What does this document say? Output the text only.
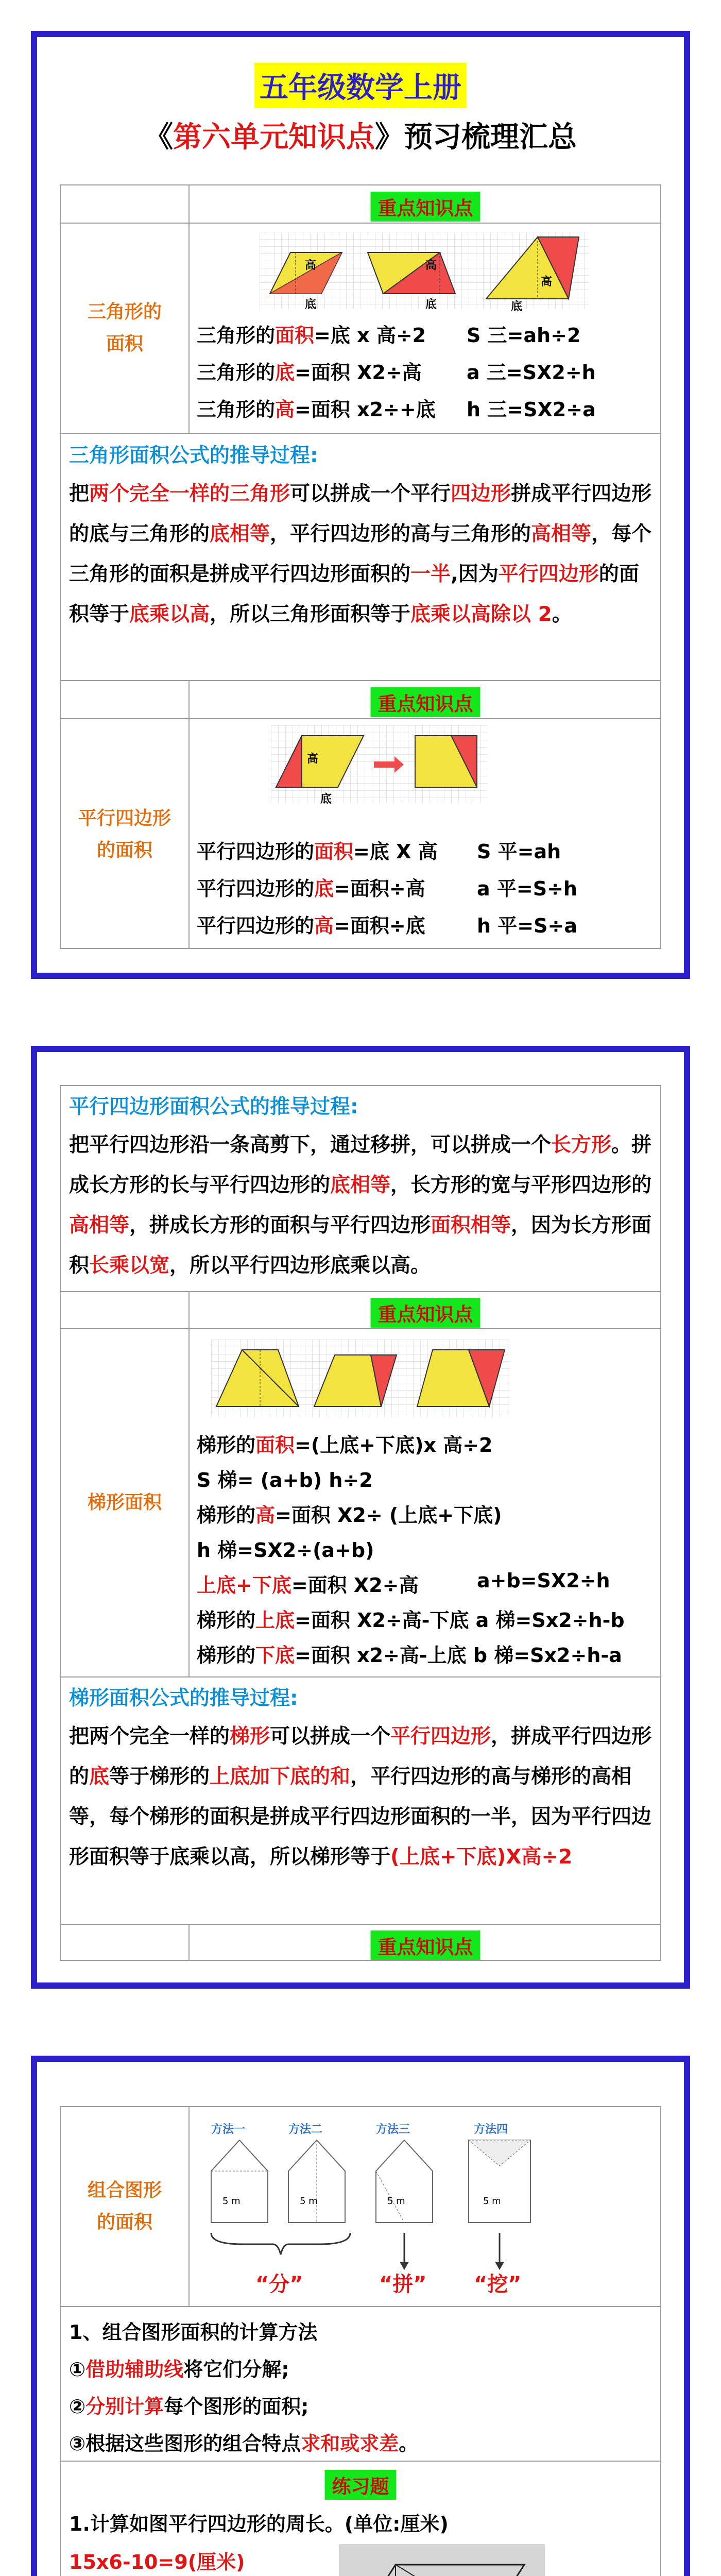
五年级数学上册
《第六单元知识点》预习梳理汇总
重点知识点
三角形的
面积
高
底
高
底
高
底
三角形的面积=底 x 高÷2 S 三=ah÷2
三角形的底=面积 X2÷高 a 三=SX2÷h
三角形的高=面积 x2÷+底 h 三=SX2÷a
三角形面积公式的推导过程:
把两个完全一样的三角形可以拼成一个平行四边形拼成平行四边形的底与三角形的底相等，平行四边形的高与三角形的高相等，每个三角形的面积是拼成平行四边形面积的一半,因为平行四边形的面积等于底乘以高，所以三角形面积等于底乘以高除以 2。
重点知识点
平行四边形
的面积
高
底
平行四边形的面积=底 X 高 S 平=ah
平行四边形的底=面积÷高	a 平=S÷h
平行四边形的高=面积÷底	h 平=S÷a
平行四边形面积公式的推导过程:
把平行四边形沿一条高剪下，通过移拼，可以拼成一个长方形。拼成长方形的长与平行四边形的底相等，长方形的宽与平形四边形的高相等，拼成长方形的面积与平行四边形面积相等，因为长方形面积长乘以宽，所以平行四边形底乘以高。
重点知识点
梯形面积
梯形的面积=(上底+下底)x 高÷2
S 梯= (a+b) h÷2
梯形的高=面积 X2÷ (上底+下底)
h 梯=SX2÷(a+b)
上底+下底=面积 X2÷高	a+b=SX2÷h
梯形的上底=面积 X2÷高-下底 a 梯=Sx2÷h-b
梯形的下底=面积 x2÷高-上底 b 梯=Sx2÷h-a
梯形面积公式的推导过程:
把两个完全一样的梯形可以拼成一个平行四边形，拼成平行四边形的底等于梯形的上底加下底的和，平行四边形的高与梯形的高相等，每个梯形的面积是拼成平行四边形面积的一半，因为平行四边形面积等于底乘以高，所以梯形等于(上底+下底)X高÷2
重点知识点
组合图形
的面积
方法一	方法二	方法三	方法四
5 m	5 m	5 m	5 m
“分”	“拼” “挖”
1、组合图形面积的计算方法
①借助辅助线将它们分解;
②分别计算每个图形的面积;
③根据这些图形的组合特点求和或求差。
练习题
1.计算如图平行四边形的周长。(单位:厘米)
15x6-10=9(厘米)
